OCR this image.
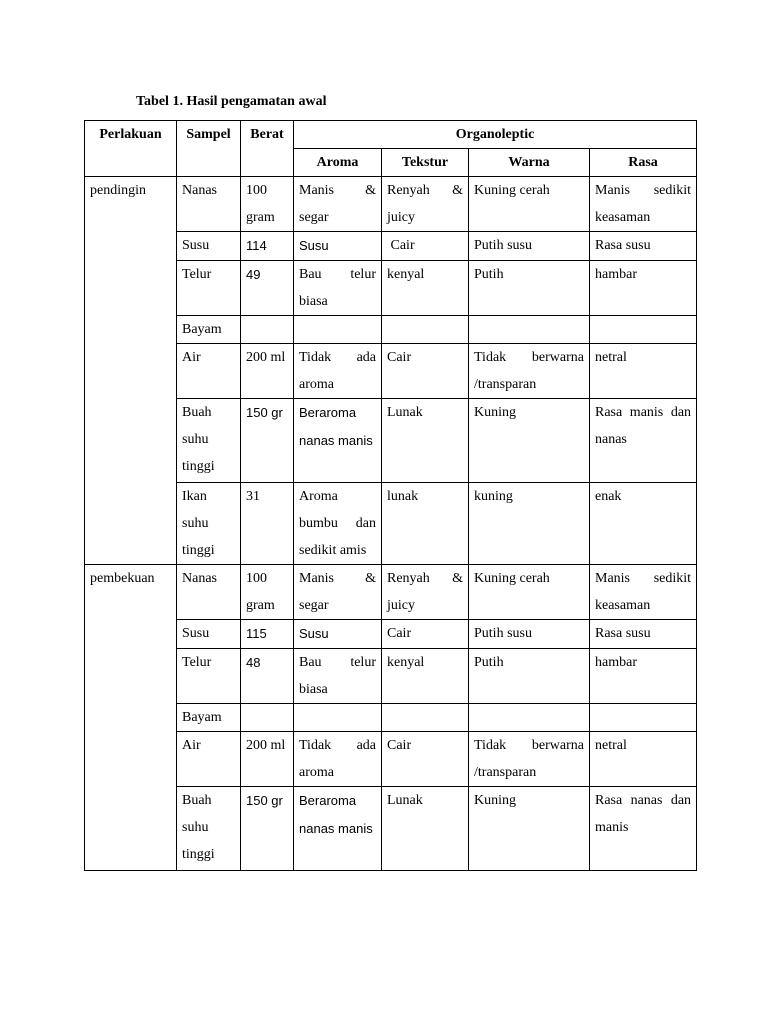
Tabel 1. Hasil pengamatan awal
Perlakuan	Sampel	Berat	Organoleptic			
			Aroma	Tekstur	Warna	Rasa
pendingin	Nanas	100 gram	Manis & segar	Renyah & juicy	Kuning cerah	Manis sedikit keasaman
	Susu	114	Susu	Cair	Putih susu	Rasa susu
	Telur	49	Bau telur biasa	kenyal	Putih	hambar
	Bayam					
	Air	200 ml	Tidak ada aroma	Cair	Tidak berwarna /transparan	netral
	Buah suhu tinggi	150 gr	Beraroma nanas manis	Lunak	Kuning	Rasa manis dan nanas
	Ikan suhu tinggi	31	Aroma bumbu dan sedikit amis	lunak	kuning	enak
pembekuan	Nanas	100 gram	Manis & segar	Renyah & juicy	Kuning cerah	Manis sedikit keasaman
	Susu	115	Susu	Cair	Putih susu	Rasa susu
	Telur	48	Bau telur biasa	kenyal	Putih	hambar
	Bayam					
	Air	200 ml	Tidak ada aroma	Cair	Tidak berwarna /transparan	netral
	Buah suhu tinggi	150 gr	Beraroma nanas manis	Lunak	Kuning	Rasa nanas dan manis
